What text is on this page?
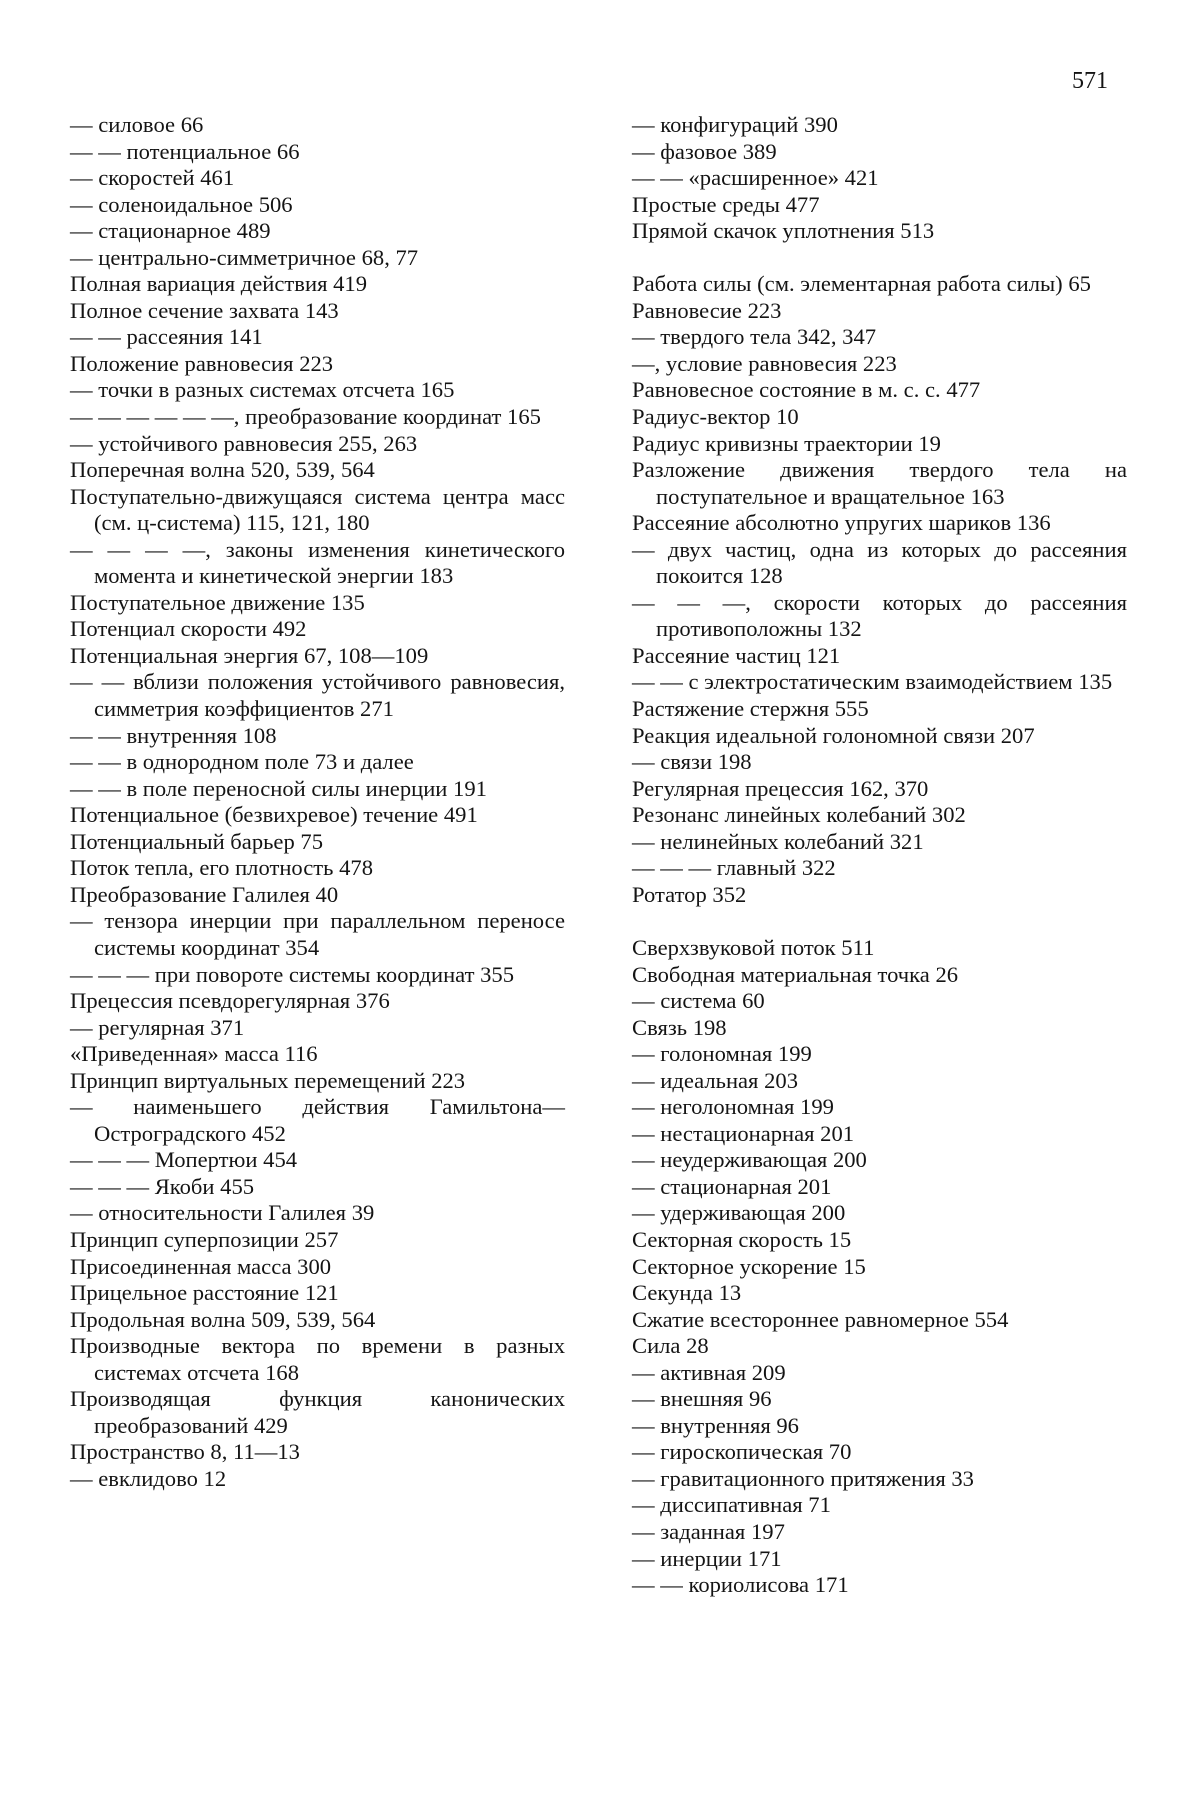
571
— силовое 66
— — потенциальное 66
— скоростей 461
— соленоидальное 506
— стационарное 489
— центрально-симметричное 68, 77
Полная вариация действия 419
Полное сечение захвата 143
— — рассеяния 141
Положение равновесия 223
— точки в разных системах отсчета 165
— — — — — —, преобразование координат 165
— устойчивого равновесия 255, 263
Поперечная волна 520, 539, 564
Поступательно-движущаяся система центра масс (см. ц-система) 115, 121, 180
— — — —, законы изменения кинетического момента и кинетической энергии 183
Поступательное движение 135
Потенциал скорости 492
Потенциальная энергия 67, 108—109
— — вблизи положения устойчивого равновесия, симметрия коэффициентов 271
— — внутренняя 108
— — в однородном поле 73 и далее
— — в поле переносной силы инерции 191
Потенциальное (безвихревое) течение 491
Потенциальный барьер 75
Поток тепла, его плотность 478
Преобразование Галилея 40
— тензора инерции при параллельном переносе системы координат 354
— — — при повороте системы координат 355
Прецессия псевдорегулярная 376
— регулярная 371
«Приведенная» масса 116
Принцип виртуальных перемещений 223
— наименьшего действия Гамильтона—Остроградского 452
— — — Мопертюи 454
— — — Якоби 455
— относительности Галилея 39
Принцип суперпозиции 257
Присоединенная масса 300
Прицельное расстояние 121
Продольная волна 509, 539, 564
Производные вектора по времени в разных системах отсчета 168
Производящая функция канонических преобразований 429
Пространство 8, 11—13
— евклидово 12
— конфигураций 390
— фазовое 389
— — «расширенное» 421
Простые среды 477
Прямой скачок уплотнения 513
Работа силы (см. элементарная работа силы) 65
Равновесие 223
— твердого тела 342, 347
—, условие равновесия 223
Равновесное состояние в м. с. с. 477
Радиус-вектор 10
Радиус кривизны траектории 19
Разложение движения твердого тела на поступательное и вращательное 163
Рассеяние абсолютно упругих шариков 136
— двух частиц, одна из которых до рассеяния покоится 128
— — —, скорости которых до рассеяния противоположны 132
Рассеяние частиц 121
— — с электростатическим взаимодействием 135
Растяжение стержня 555
Реакция идеальной голономной связи 207
— связи 198
Регулярная прецессия 162, 370
Резонанс линейных колебаний 302
— нелинейных колебаний 321
— — — главный 322
Ротатор 352
Сверхзвуковой поток 511
Свободная материальная точка 26
— система 60
Связь 198
— голономная 199
— идеальная 203
— неголономная 199
— нестационарная 201
— неудерживающая 200
— стационарная 201
— удерживающая 200
Секторная скорость 15
Секторное ускорение 15
Секунда 13
Сжатие всестороннее равномерное 554
Сила 28
— активная 209
— внешняя 96
— внутренняя 96
— гироскопическая 70
— гравитационного притяжения 33
— диссипативная 71
— заданная 197
— инерции 171
— — кориолисова 171
